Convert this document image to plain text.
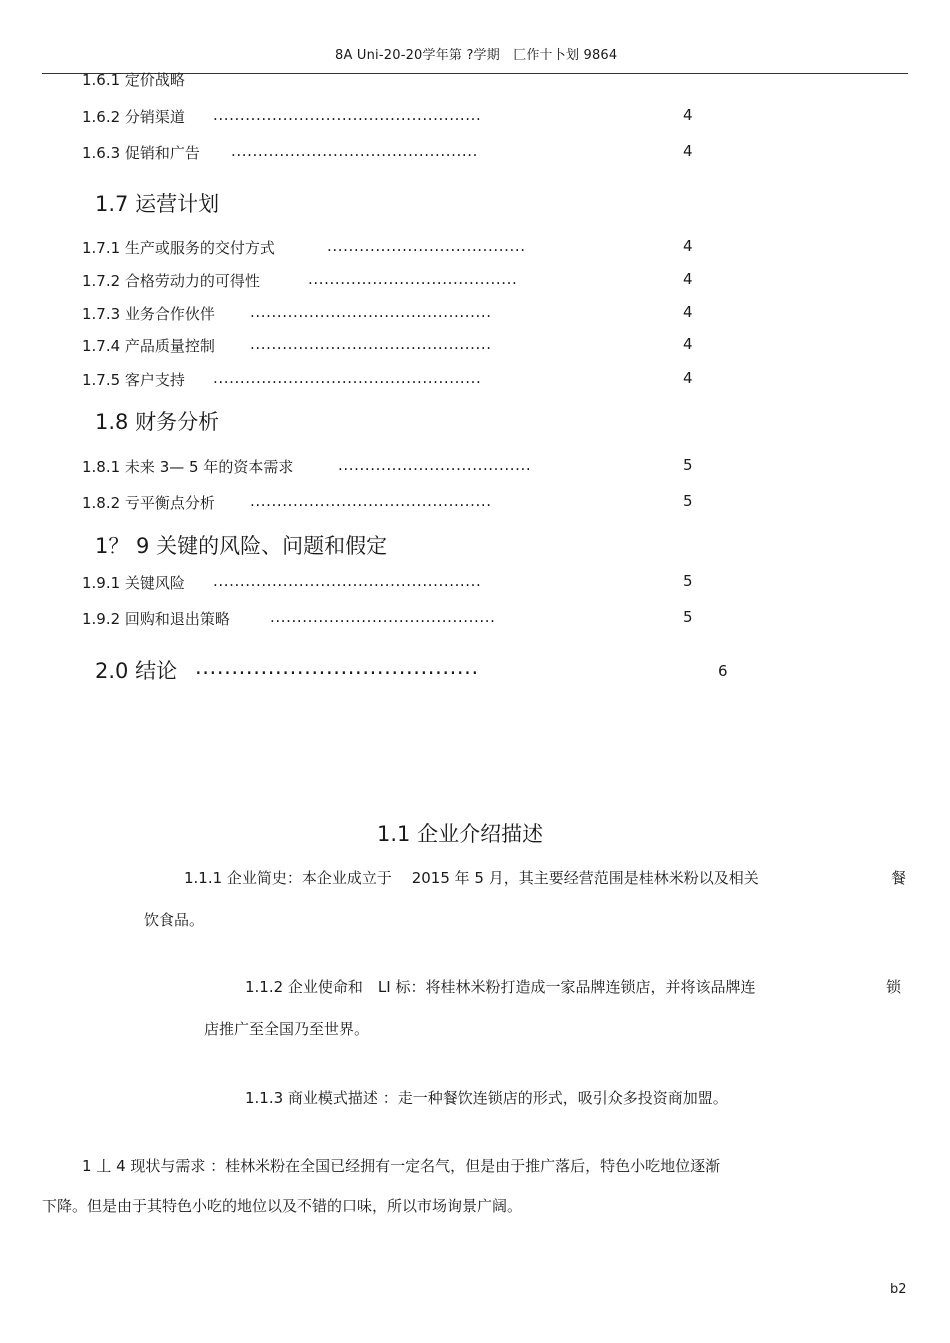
8A Uni-20-20学年第 ?学期　匚作十卜划 9864
1.6.1 定价战略
1.6.2 分销渠道 ..................................................	4
1.6.3 促销和广告 ..............................................	4
1.7 运营计划
1.7.1 生产或服务的交付方式	.....................................	4
1.7.2 合格劳动力的可得性	.......................................	4
1.7.3 业务合作伙伴 .............................................	4
1.7.4 产品质量控制 .............................................	4
1.7.5 客户支持 ..................................................	4
1.8 财务分析
1.8.1 未来 3— 5 年的资本需求	....................................	5
1.8.2 亏平衡点分析 .............................................	5
1？ 9 关键的风险、问题和假定
1.9.1 关键风险 ..................................................	5
1.9.2 回购和退出策略	..........................................	5
2.0 结论 .......................................	6
1.1 企业介绍描述
1.1.1 企业简史：本企业成立于 　2015 年 5 月，其主要经营范围是桂林米粉以及相关	餐
饮食品。
1.1.2 企业使命和　LI 标：将桂林米粉打造成一家品牌连锁店，并将该品牌连	锁
店推广至全国乃至世界。
1.1.3 商业模式描述 ：走一种餐饮连锁店的形式，吸引众多投资商加盟。
1 丄 4 现状与需求 ：桂林米粉在全国已经拥有一定名气，但是由于推广落后，特色小吃地位逐渐
下降。但是由于其特色小吃的地位以及不错的口味，所以市场询景广阔。
b2
